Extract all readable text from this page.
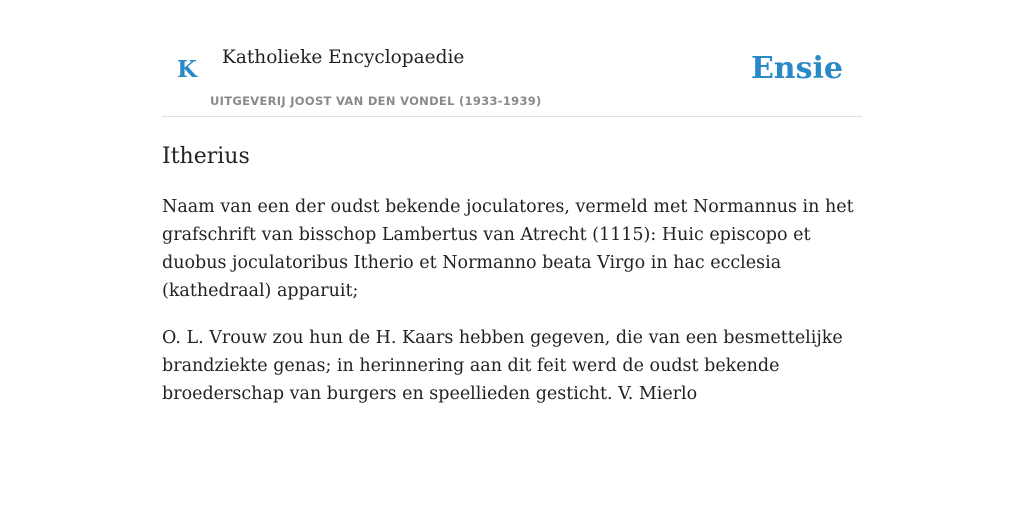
K Katholieke Encyclopaedie
UITGEVERIJ JOOST VAN DEN VONDEL (1933-1939)
Ensie
Itherius

Naam van een der oudst bekende joculatores, vermeld met Normannus in het grafschrift van bisschop Lambertus van Atrecht (1115): Huic episcopo et duobus joculatoribus Itherio et Normanno beata Virgo in hac ecclesia (kathedraal) apparuit;

O. L. Vrouw zou hun de H. Kaars hebben gegeven, die van een besmettelijke brandziekte genas; in herinnering aan dit feit werd de oudst bekende broederschap van burgers en speellieden gesticht. V. Mierlo
